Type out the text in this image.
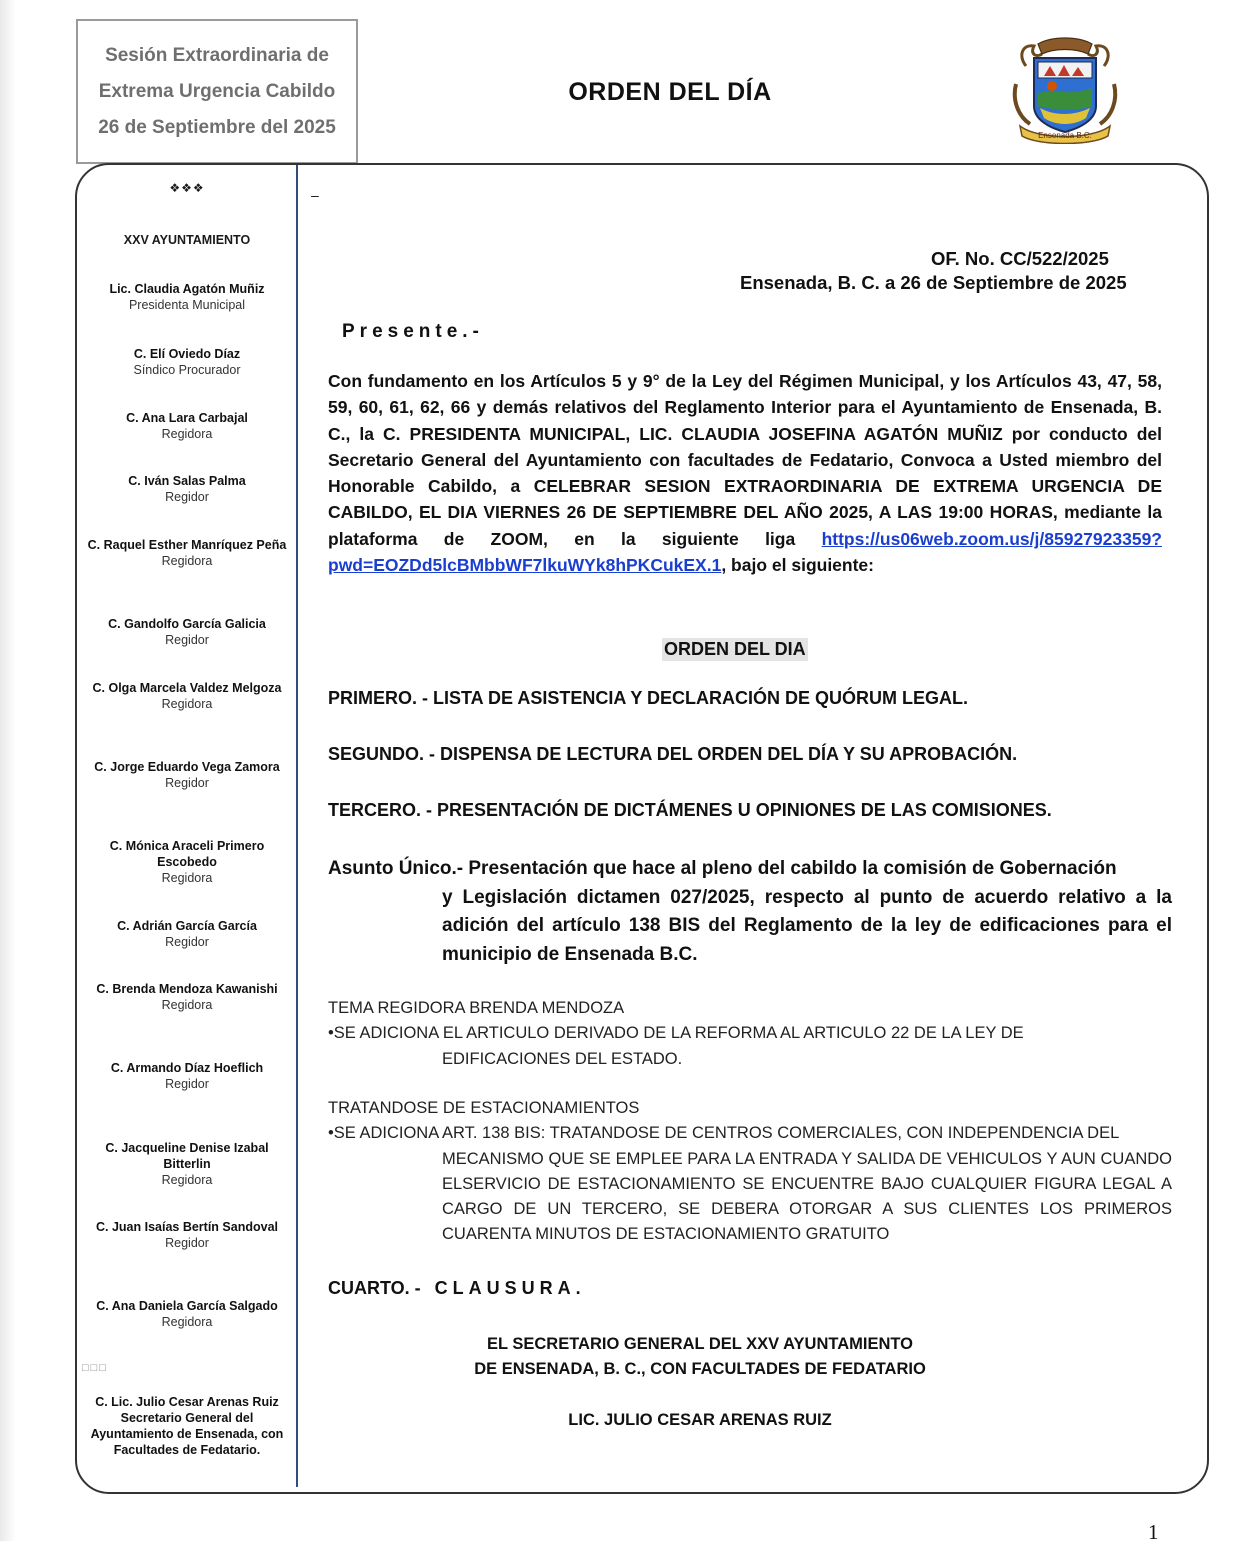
Sesión Extraordinaria de
Extrema Urgencia Cabildo
26 de Septiembre del 2025
ORDEN DEL DÍA
Ensenada B.C.
❖❖❖
XXV AYUNTAMIENTO
Lic. Claudia Agatón Muñiz
Presidenta Municipal
C. Elí Oviedo Díaz
Síndico Procurador
C. Ana Lara Carbajal
Regidora
C. Iván Salas Palma
Regidor
C. Raquel Esther Manríquez Peña
Regidora
C. Gandolfo García Galicia
Regidor
C. Olga Marcela Valdez Melgoza
Regidora
C. Jorge Eduardo Vega Zamora
Regidor
C. Mónica Araceli Primero Escobedo
Regidora
C. Adrián García García
Regidor
C. Brenda Mendoza Kawanishi
Regidora
C. Armando Díaz Hoeflich
Regidor
C. Jacqueline Denise Izabal Bitterlin
Regidora
C. Juan Isaías Bertín Sandoval
Regidor
C. Ana Daniela García Salgado
Regidora
□□□
C. Lic. Julio Cesar Arenas Ruiz
Secretario General del Ayuntamiento de Ensenada, con Facultades de Fedatario.
–
OF. No. CC/522/2025
Ensenada, B. C. a 26 de Septiembre de 2025
Presente.-
Con fundamento en los Artículos 5 y 9° de la Ley del Régimen Municipal, y los Artículos 43, 47, 58, 59, 60, 61, 62, 66 y demás relativos del Reglamento Interior para el Ayuntamiento de Ensenada, B. C., la C. PRESIDENTA MUNICIPAL, LIC. CLAUDIA JOSEFINA AGATÓN MUÑIZ por conducto del Secretario General del Ayuntamiento con facultades de Fedatario, Convoca a Usted miembro del Honorable Cabildo, a CELEBRAR SESION EXTRAORDINARIA DE EXTREMA URGENCIA DE CABILDO, EL DIA VIERNES 26 DE SEPTIEMBRE DEL AÑO 2025, A LAS 19:00 HORAS, mediante la plataforma de ZOOM, en la siguiente liga https://us06web.zoom.us/j/85927923359?pwd=EOZDd5lcBMbbWF7lkuWYk8hPKCukEX.1, bajo el siguiente:
ORDEN DEL DIA
PRIMERO. - LISTA DE ASISTENCIA Y DECLARACIÓN DE QUÓRUM LEGAL.
SEGUNDO. - DISPENSA DE LECTURA DEL ORDEN DEL DÍA Y SU APROBACIÓN.
TERCERO. - PRESENTACIÓN DE DICTÁMENES U OPINIONES DE LAS COMISIONES.
Asunto Único.- Presentación que hace al pleno del cabildo la comisión de Gobernación
y Legislación dictamen 027/2025, respecto al punto de acuerdo relativo a la adición del artículo 138 BIS del Reglamento de la ley de edificaciones para el municipio de Ensenada B.C.
TEMA REGIDORA BRENDA MENDOZA
•SE ADICIONA EL ARTICULO DERIVADO DE LA REFORMA AL ARTICULO 22 DE LA LEY DE
EDIFICACIONES DEL ESTADO.
TRATANDOSE DE ESTACIONAMIENTOS
•SE ADICIONA ART. 138 BIS: TRATANDOSE DE CENTROS COMERCIALES, CON INDEPENDENCIA DEL
MECANISMO QUE SE EMPLEE PARA LA ENTRADA Y SALIDA DE VEHICULOS Y AUN CUANDO ELSERVICIO DE ESTACIONAMIENTO SE ENCUENTRE BAJO CUALQUIER FIGURA LEGAL A CARGO DE UN TERCERO, SE DEBERA OTORGAR A SUS CLIENTES LOS PRIMEROS CUARENTA MINUTOS DE ESTACIONAMIENTO GRATUITO
CUARTO. - CLAUSURA.
EL SECRETARIO GENERAL DEL XXV AYUNTAMIENTO
DE ENSENADA, B. C., CON FACULTADES DE FEDATARIO
LIC. JULIO CESAR ARENAS RUIZ
1
